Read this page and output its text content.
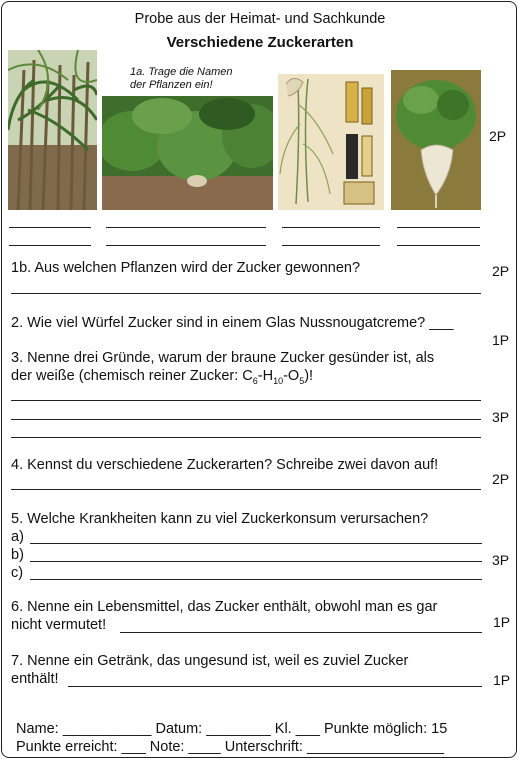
Probe aus der Heimat- und Sachkunde
Verschiedene Zuckerarten
1a. Trage die Namen
der Pflanzen ein!
2P
1b. Aus welchen Pflanzen wird der Zucker gewonnen?	2P
2. Wie viel Würfel Zucker sind in einem Glas Nussnougatcreme? ___
1P
3. Nenne drei Gründe, warum der braune Zucker gesünder ist, als
der weiße (chemisch reiner Zucker: $C_6-H_{10}-O_5$)!
3P
4. Kennst du verschiedene Zuckerarten? Schreibe zwei davon auf!
2P
5. Welche Krankheiten kann zu viel Zuckerkonsum verursachen?
a)
b)
c)
3P
6. Nenne ein Lebensmittel, das Zucker enthält, obwohl man es gar
nicht vermutet!	1P
7. Nenne ein Getränk, das ungesund ist, weil es zuviel Zucker
enthält!	1P
Name: ___________ Datum: ________ Kl. ___ Punkte möglich: 15
Punkte erreicht: ___ Note: ____ Unterschrift: _________________
